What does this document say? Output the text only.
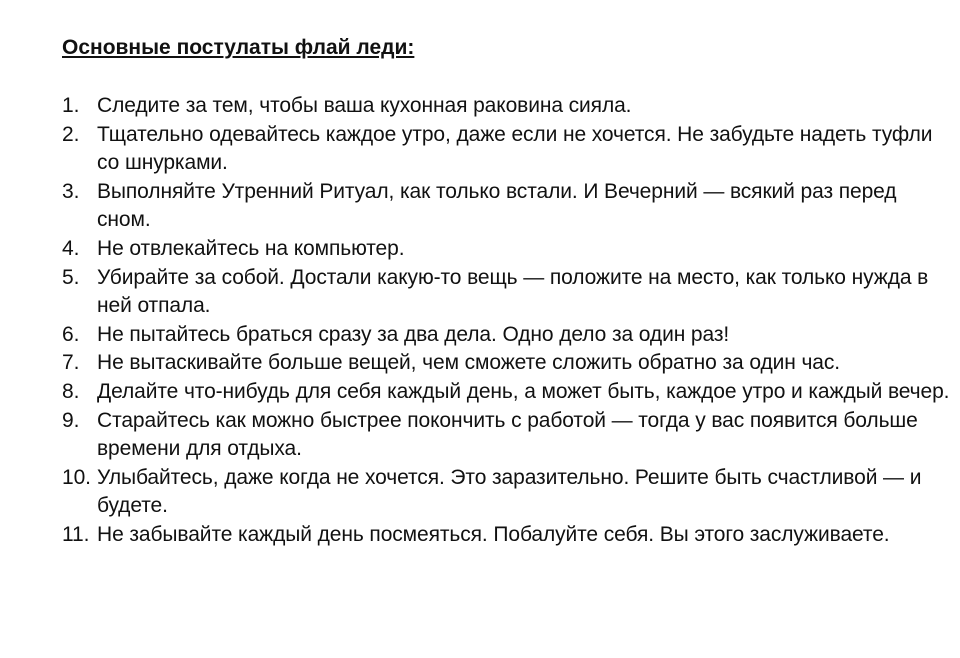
Основные постулаты флай леди:
1. Следите за тем, чтобы ваша кухонная раковина сияла.
2. Тщательно одевайтесь каждое утро, даже если не хочется. Не забудьте надеть туфли со шнурками.
3. Выполняйте Утренний Ритуал, как только встали. И Вечерний — всякий раз перед сном.
4. Не отвлекайтесь на компьютер.
5. Убирайте за собой. Достали какую-то вещь — положите на место, как только нужда в ней отпала.
6. Не пытайтесь браться сразу за два дела. Одно дело за один раз!
7. Не вытаскивайте больше вещей, чем сможете сложить обратно за один час.
8. Делайте что-нибудь для себя каждый день, а может быть, каждое утро и каждый вечер.
9. Старайтесь как можно быстрее покончить с работой — тогда у вас появится больше времени для отдыха.
10. Улыбайтесь, даже когда не хочется. Это заразительно. Решите быть счастливой — и будете.
11. Не забывайте каждый день посмеяться. Побалуйте себя. Вы этого заслуживаете.
